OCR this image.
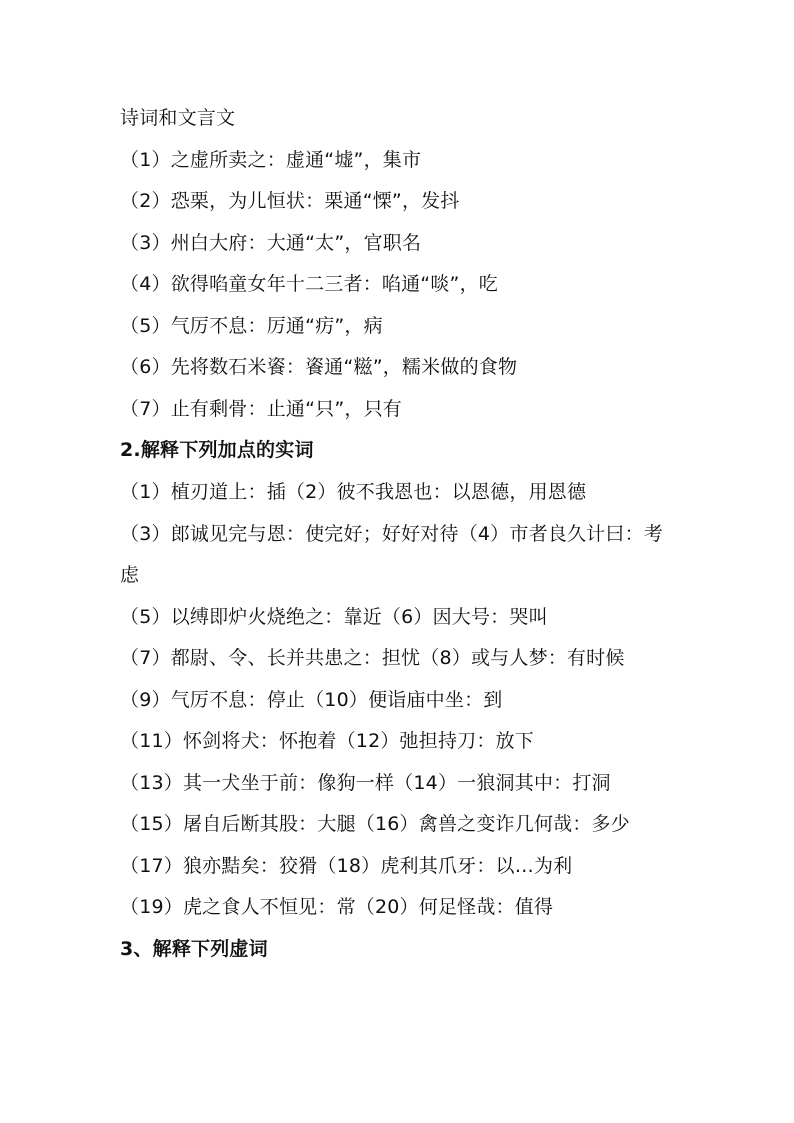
诗词和文言文
（1）之虚所卖之：虚通“墟”，集市
（2）恐栗，为儿恒状：栗通“慄”，发抖
（3）州白大府：大通“太”，官职名
（4）欲得啗童女年十二三者：啗通“啖”，吃
（5）气厉不息：厉通“疠”，病
（6）先将数石米餈：餈通“糍”，糯米做的食物
（7）止有剩骨：止通“只”，只有
2.解释下列加点的实词
（1）植刃道上：插（2）彼不我恩也：以恩德，用恩德
（3）郎诚见完与恩：使完好；好好对待（4）市者良久计曰：考
虑
（5）以缚即炉火烧绝之：靠近（6）因大号：哭叫
（7）都尉、令、长并共患之：担忧（8）或与人梦：有时候
（9）气厉不息：停止（10）便诣庙中坐：到
（11）怀剑将犬：怀抱着（12）弛担持刀：放下
（13）其一犬坐于前：像狗一样（14）一狼洞其中：打洞
（15）屠自后断其股：大腿（16）禽兽之变诈几何哉：多少
（17）狼亦黠矣：狡猾（18）虎利其爪牙：以…为利
（19）虎之食人不恒见：常（20）何足怪哉：值得
3、解释下列虚词
